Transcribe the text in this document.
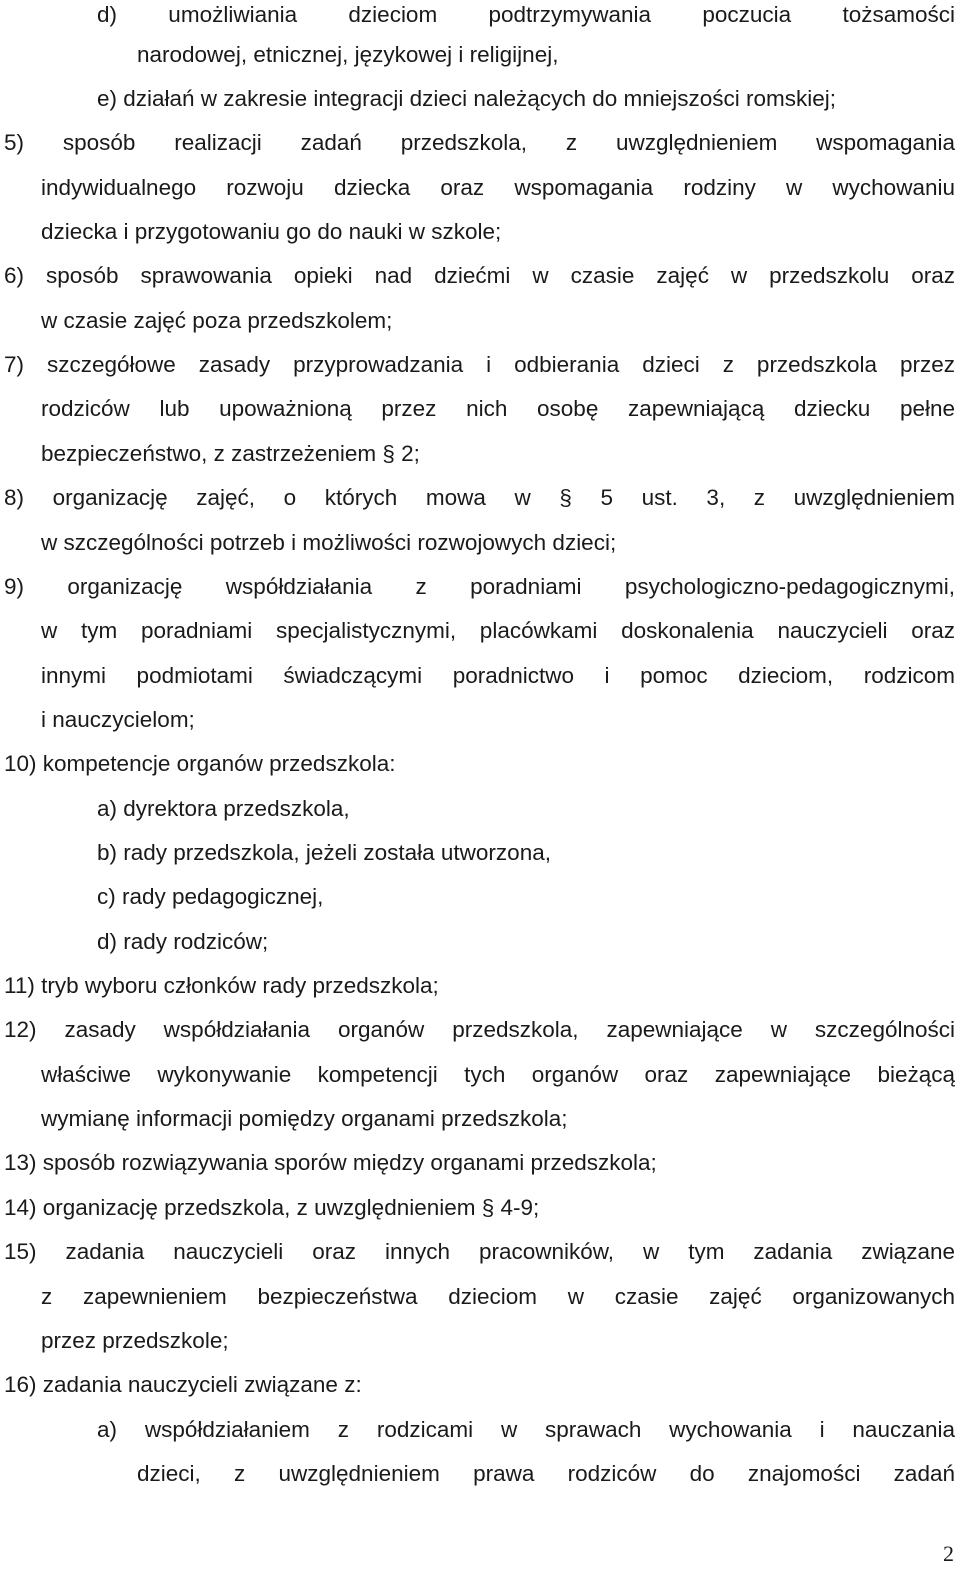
d) umożliwiania dzieciom podtrzymywania poczucia tożsamości
narodowej, etnicznej, językowej i religijnej,
e) działań w zakresie integracji dzieci należących do mniejszości romskiej;
5) sposób realizacji zadań przedszkola, z uwzględnieniem wspomagania
indywidualnego rozwoju dziecka oraz wspomagania rodziny w wychowaniu
dziecka i przygotowaniu go do nauki w szkole;
6) sposób sprawowania opieki nad dziećmi w czasie zajęć w przedszkolu oraz
w czasie zajęć poza przedszkolem;
7) szczegółowe zasady przyprowadzania i odbierania dzieci z przedszkola przez
rodziców lub upoważnioną przez nich osobę zapewniającą dziecku pełne
bezpieczeństwo, z zastrzeżeniem § 2;
8) organizację zajęć, o których mowa w § 5 ust. 3, z uwzględnieniem
w szczególności potrzeb i możliwości rozwojowych dzieci;
9) organizację współdziałania z poradniami psychologiczno-pedagogicznymi,
w tym poradniami specjalistycznymi, placówkami doskonalenia nauczycieli oraz
innymi podmiotami świadczącymi poradnictwo i pomoc dzieciom, rodzicom
i nauczycielom;
10) kompetencje organów przedszkola:
a) dyrektora przedszkola,
b) rady przedszkola, jeżeli została utworzona,
c) rady pedagogicznej,
d) rady rodziców;
11) tryb wyboru członków rady przedszkola;
12) zasady współdziałania organów przedszkola, zapewniające w szczególności
właściwe wykonywanie kompetencji tych organów oraz zapewniające bieżącą
wymianę informacji pomiędzy organami przedszkola;
13) sposób rozwiązywania sporów między organami przedszkola;
14) organizację przedszkola, z uwzględnieniem § 4-9;
15) zadania nauczycieli oraz innych pracowników, w tym zadania związane
z zapewnieniem bezpieczeństwa dzieciom w czasie zajęć organizowanych
przez przedszkole;
16) zadania nauczycieli związane z:
a) współdziałaniem z rodzicami w sprawach wychowania i nauczania
dzieci, z uwzględnieniem prawa rodziców do znajomości zadań
2
